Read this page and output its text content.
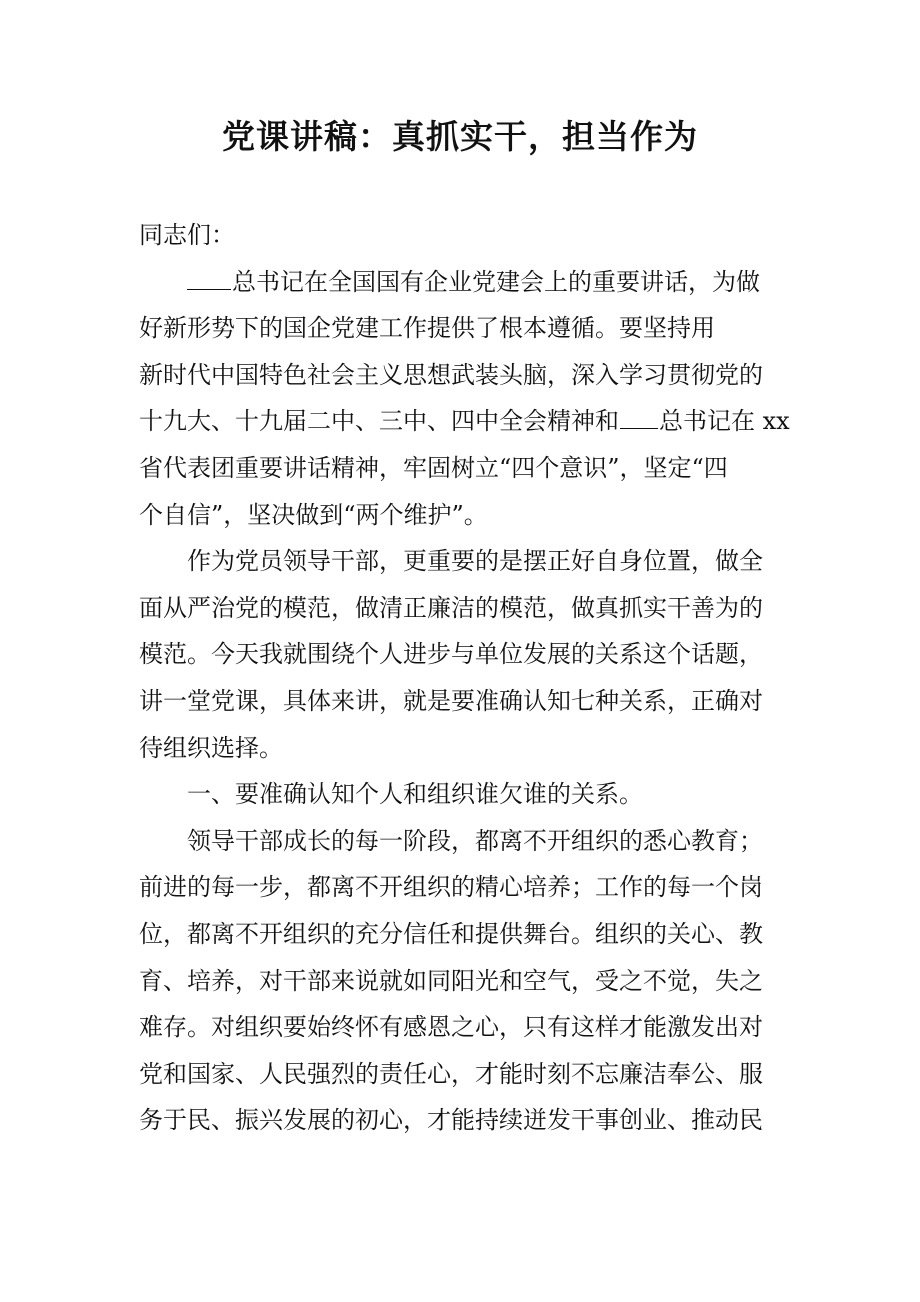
党课讲稿：真抓实干，担当作为
同志们：
总书记在全国国有企业党建会上的重要讲话，为做
好新形势下的国企党建工作提供了根本遵循。要坚持用
新时代中国特色社会主义思想武装头脑，深入学习贯彻党的
十九大、十九届二中、三中、四中全会精神和 总书记在 xx
省代表团重要讲话精神，牢固树立“四个意识”，坚定“四
个自信”，坚决做到“两个维护”。
作为党员领导干部，更重要的是摆正好自身位置，做全
面从严治党的模范，做清正廉洁的模范，做真抓实干善为的
模范。今天我就围绕个人进步与单位发展的关系这个话题，
讲一堂党课，具体来讲，就是要准确认知七种关系，正确对
待组织选择。
一、要准确认知个人和组织谁欠谁的关系。
领导干部成长的每一阶段，都离不开组织的悉心教育；
前进的每一步，都离不开组织的精心培养；工作的每一个岗
位，都离不开组织的充分信任和提供舞台。组织的关心、教
育、培养，对干部来说就如同阳光和空气，受之不觉，失之
难存。对组织要始终怀有感恩之心，只有这样才能激发出对
党和国家、人民强烈的责任心，才能时刻不忘廉洁奉公、服
务于民、振兴发展的初心，才能持续迸发干事创业、推动民
